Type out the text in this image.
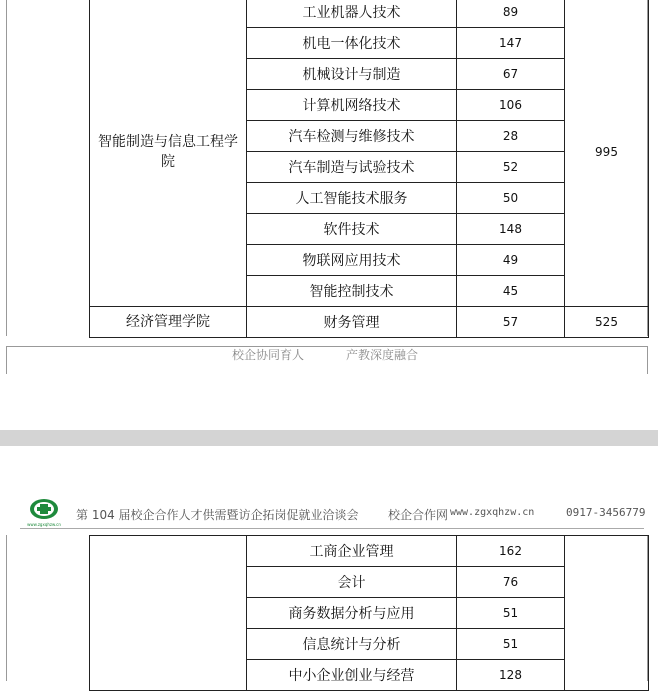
智能制造与信息工程学院	工业机器人技术	89	995
	机电一体化技术	147	
	机械设计与制造	67	
	计算机网络技术	106	
	汽车检测与维修技术	28	
	汽车制造与试验技术	52	
	人工智能技术服务	50	
	软件技术	148	
	物联网应用技术	49	
	智能控制技术	45	
经济管理学院	财务管理	57	525
校企协同育人	产教深度融合
www.zgxqhzw.cn
第 104 届校企合作人才供需暨访企拓岗促就业洽谈会 校企合作网 www.zgxqhzw.cn	0917-3456779
	工商企业管理	162	
	会计	76	
	商务数据分析与应用	51	
	信息统计与分析	51	
	中小企业创业与经营	128	
